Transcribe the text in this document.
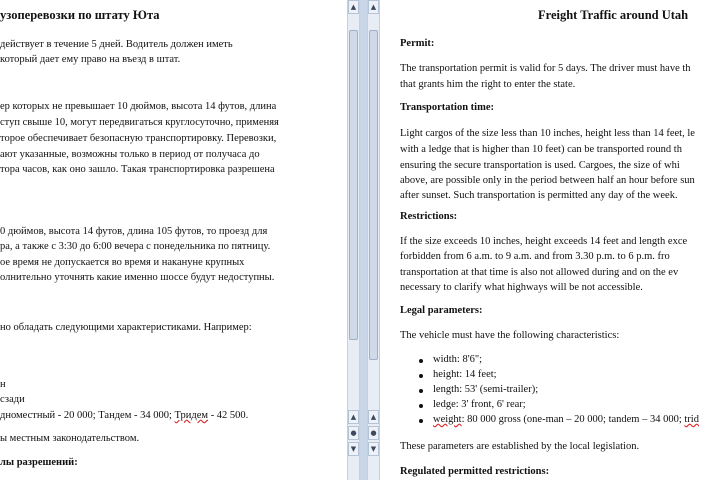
узоперевозки по штату Юта
действует в течение 5 дней. Водитель должен иметь
который дает ему право на въезд в штат.
ер которых не превышает 10 дюймов, высота 14 футов, длина
ступ свыше 10, могут передвигаться круглосуточно, применяя
торое обеспечивает безопасную транспортировку. Перевозки,
ают указанные, возможны только в период от получаса до
тора часов, как оно зашло. Такая транспортировка разрешена
0 дюймов, высота 14 футов, длина 105 футов, то проезд для
ра, а также с 3:30 до 6:00 вечера с понедельника по пятницу.
ое время не допускается во время и накануне крупных
олнительно уточнять какие именно шоссе будут недоступны.
но обладать следующими характеристиками. Например:
н
сзади
дноместный - 20 000; Тандем - 34 000; Тридем - 42 500.
ы местным законодательством.
лы разрешений:
▲
▲
●
▼
▲
▲
●
▼
Freight Traffic around Utah
Permit:
The transportation permit is valid for 5 days. The driver must have th
that grants him the right to enter the state.
Transportation time:
Light cargos of the size less than 10 inches, height less than 14 feet, le
with a ledge that is higher than 10 feet) can be transported round th
ensuring the secure transportation is used. Cargoes, the size of whi
above, are possible only in the period between half an hour before sun
after sunset. Such transportation is permitted any day of the week.
Restrictions:
If the size exceeds 10 inches, height exceeds 14 feet and length exce
forbidden from 6 a.m. to 9 a.m. and from 3.30 p.m. to 6 p.m. fro
transportation at that time is also not allowed during and on the ev
necessary to clarify what highways will be not accessible.
Legal parameters:
The vehicle must have the following characteristics:
width: 8'6";
height: 14 feet;
length: 53' (semi-trailer);
ledge: 3' front, 6' rear;
weight: 80 000 gross (one-man – 20 000; tandem – 34 000; trid
These parameters are established by the local legislation.
Regulated permitted restrictions:
